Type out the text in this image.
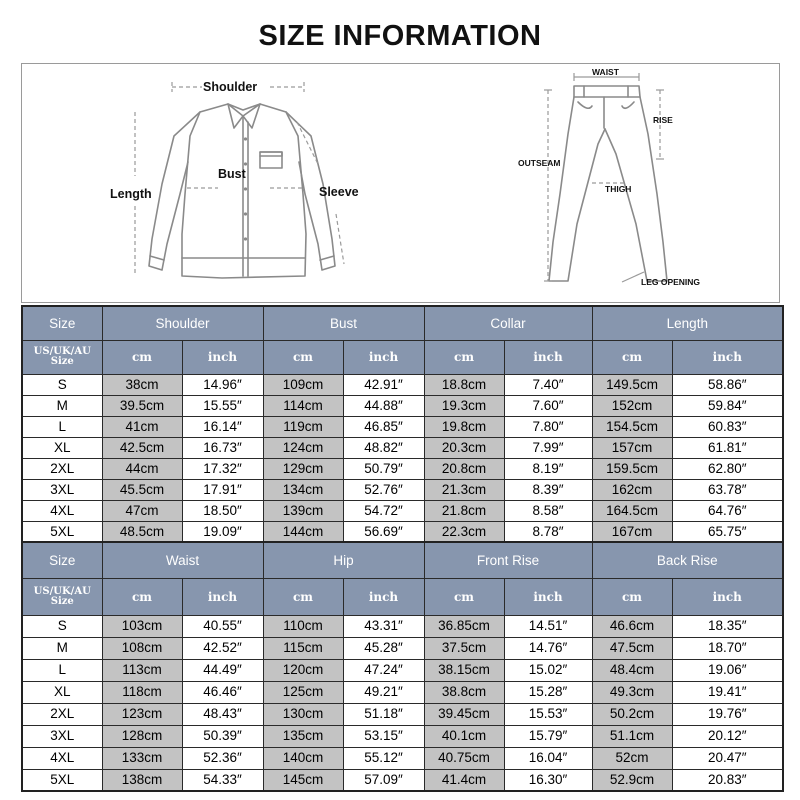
SIZE INFORMATION
Shoulder
Bust
Length	Sleeve
WAIST
RISE
OUTSEAM
THIGH
LEG OPENING
Size	Shoulder		Bust		Collar		Length	
US/UK/AU Size	cm	inch	cm	inch	cm	inch	cm	inch
S	38cm	14.96″	109cm	42.91″	18.8cm	7.40″	149.5cm	58.86″
M	39.5cm	15.55″	114cm	44.88″	19.3cm	7.60″	152cm	59.84″
L	41cm	16.14″	119cm	46.85″	19.8cm	7.80″	154.5cm	60.83″
XL	42.5cm	16.73″	124cm	48.82″	20.3cm	7.99″	157cm	61.81″
2XL	44cm	17.32″	129cm	50.79″	20.8cm	8.19″	159.5cm	62.80″
3XL	45.5cm	17.91″	134cm	52.76″	21.3cm	8.39″	162cm	63.78″
4XL	47cm	18.50″	139cm	54.72″	21.8cm	8.58″	164.5cm	64.76″
5XL	48.5cm	19.09″	144cm	56.69″	22.3cm	8.78″	167cm	65.75″
Size	Waist		Hip		Front Rise		Back Rise	
US/UK/AU Size	cm	inch	cm	inch	cm	inch	cm	inch
S	103cm	40.55″	110cm	43.31″	36.85cm	14.51″	46.6cm	18.35″
M	108cm	42.52″	115cm	45.28″	37.5cm	14.76″	47.5cm	18.70″
L	113cm	44.49″	120cm	47.24″	38.15cm	15.02″	48.4cm	19.06″
XL	118cm	46.46″	125cm	49.21″	38.8cm	15.28″	49.3cm	19.41″
2XL	123cm	48.43″	130cm	51.18″	39.45cm	15.53″	50.2cm	19.76″
3XL	128cm	50.39″	135cm	53.15″	40.1cm	15.79″	51.1cm	20.12″
4XL	133cm	52.36″	140cm	55.12″	40.75cm	16.04″	52cm	20.47″
5XL	138cm	54.33″	145cm	57.09″	41.4cm	16.30″	52.9cm	20.83″
